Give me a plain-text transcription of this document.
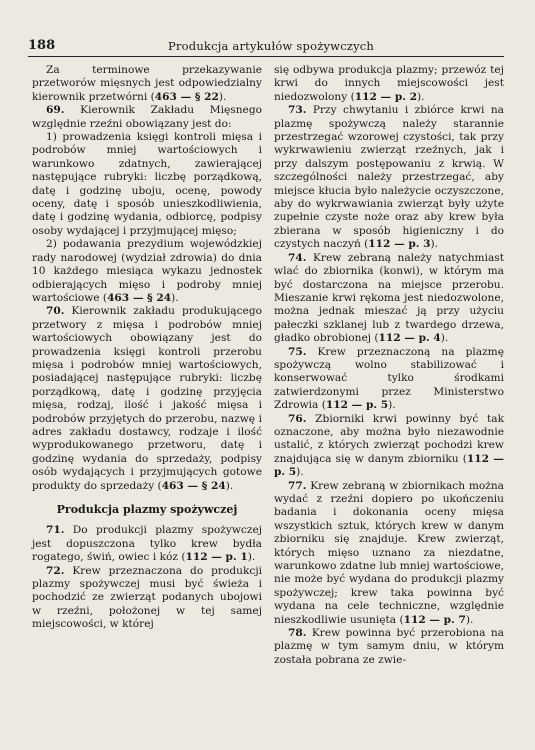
188	Produkcja artykułów spożywczych

Za terminowe przekazywanie przetworów mięsnych jest odpowiedzialny kierownik przetwórni (463 — § 22).

69. Kierownik Zakładu Mięsnego względnie rzeźni obowiązany jest do:

1) prowadzenia księgi kontroli mięsa i podrobów mniej wartościowych i warunkowo zdatnych, zawierającej następujące rubryki: liczbę porządkową, datę i godzinę uboju, ocenę, powody oceny, datę i sposób unieszkodliwienia, datę i godzinę wydania, odbiorcę, podpisy osoby wydającej i przyjmującej mięso;

2) podawania prezydium wojewódzkiej rady narodowej (wydział zdrowia) do dnia 10 każdego miesiąca wykazu jednostek odbierających mięso i podroby mniej wartościowe (463 — § 24).

70. Kierownik zakładu produkującego przetwory z mięsa i podrobów mniej wartościowych obowiązany jest do prowadzenia księgi kontroli przerobu mięsa i podrobów mniej wartościowych, posiadającej następujące rubryki: liczbę porządkową, datę i godzinę przyjęcia mięsa, rodzaj, ilość i jakość mięsa i podrobów przyjętych do przerobu, nazwę i adres zakładu dostawcy, rodzaje i ilość wyprodukowanego przetworu, datę i godzinę wydania do sprzedaży, podpisy osób wydających i przyjmujących gotowe produkty do sprzedaży (463 — § 24).

Produkcja plazmy spożywczej

71. Do produkcji plazmy spożywczej jest dopuszczona tylko krew bydła rogatego, świń, owiec i kóz (112 — p. 1).

72. Krew przeznaczona do produkcji plazmy spożywczej musi być świeża i pochodzić ze zwierząt podanych ubojowi w rzeźni, położonej w tej samej miejscowości, w której

się odbywa produkcja plazmy; przewóz tej krwi do innych miejscowości jest niedozwolony (112 — p. 2).

73. Przy chwytaniu i zbiórce krwi na plazmę spożywczą należy starannie przestrzegać wzorowej czystości, tak przy wykrwawieniu zwierząt rzeźnych, jak i przy dalszym postępowaniu z krwią. W szczególności należy przestrzegać, aby miejsce kłucia było należycie oczyszczone, aby do wykrwawiania zwierząt były użyte zupełnie czyste noże oraz aby krew była zbierana w sposób higieniczny i do czystych naczyń (112 — p. 3).

74. Krew zebraną należy natychmiast wlać do zbiornika (konwi), w którym ma być dostarczona na miejsce przerobu. Mieszanie krwi rękoma jest niedozwolone, można jednak mieszać ją przy użyciu pałeczki szklanej lub z twardego drzewa, gładko obrobionej (112 — p. 4).

75. Krew przeznaczoną na plazmę spożywczą wolno stabilizować i konserwować tylko środkami zatwierdzonymi przez Ministerstwo Zdrowia (112 — p. 5).

76. Zbiorniki krwi powinny być tak oznaczone, aby można było niezawodnie ustalić, z których zwierząt pochodzi krew znajdująca się w danym zbiorniku (112 — p. 5).

77. Krew zebraną w zbiornikach można wydać z rzeźni dopiero po ukończeniu badania i dokonania oceny mięsa wszystkich sztuk, których krew w danym zbiorniku się znajduje. Krew zwierząt, których mięso uznano za niezdatne, warunkowo zdatne lub mniej wartościowe, nie może być wydana do produkcji plazmy spożywczej; krew taka powinna być wydana na cele techniczne, względnie nieszkodliwie usunięta (112 — p. 7).

78. Krew powinna być przerobiona na plazmę w tym samym dniu, w którym została pobrana ze zwie-
